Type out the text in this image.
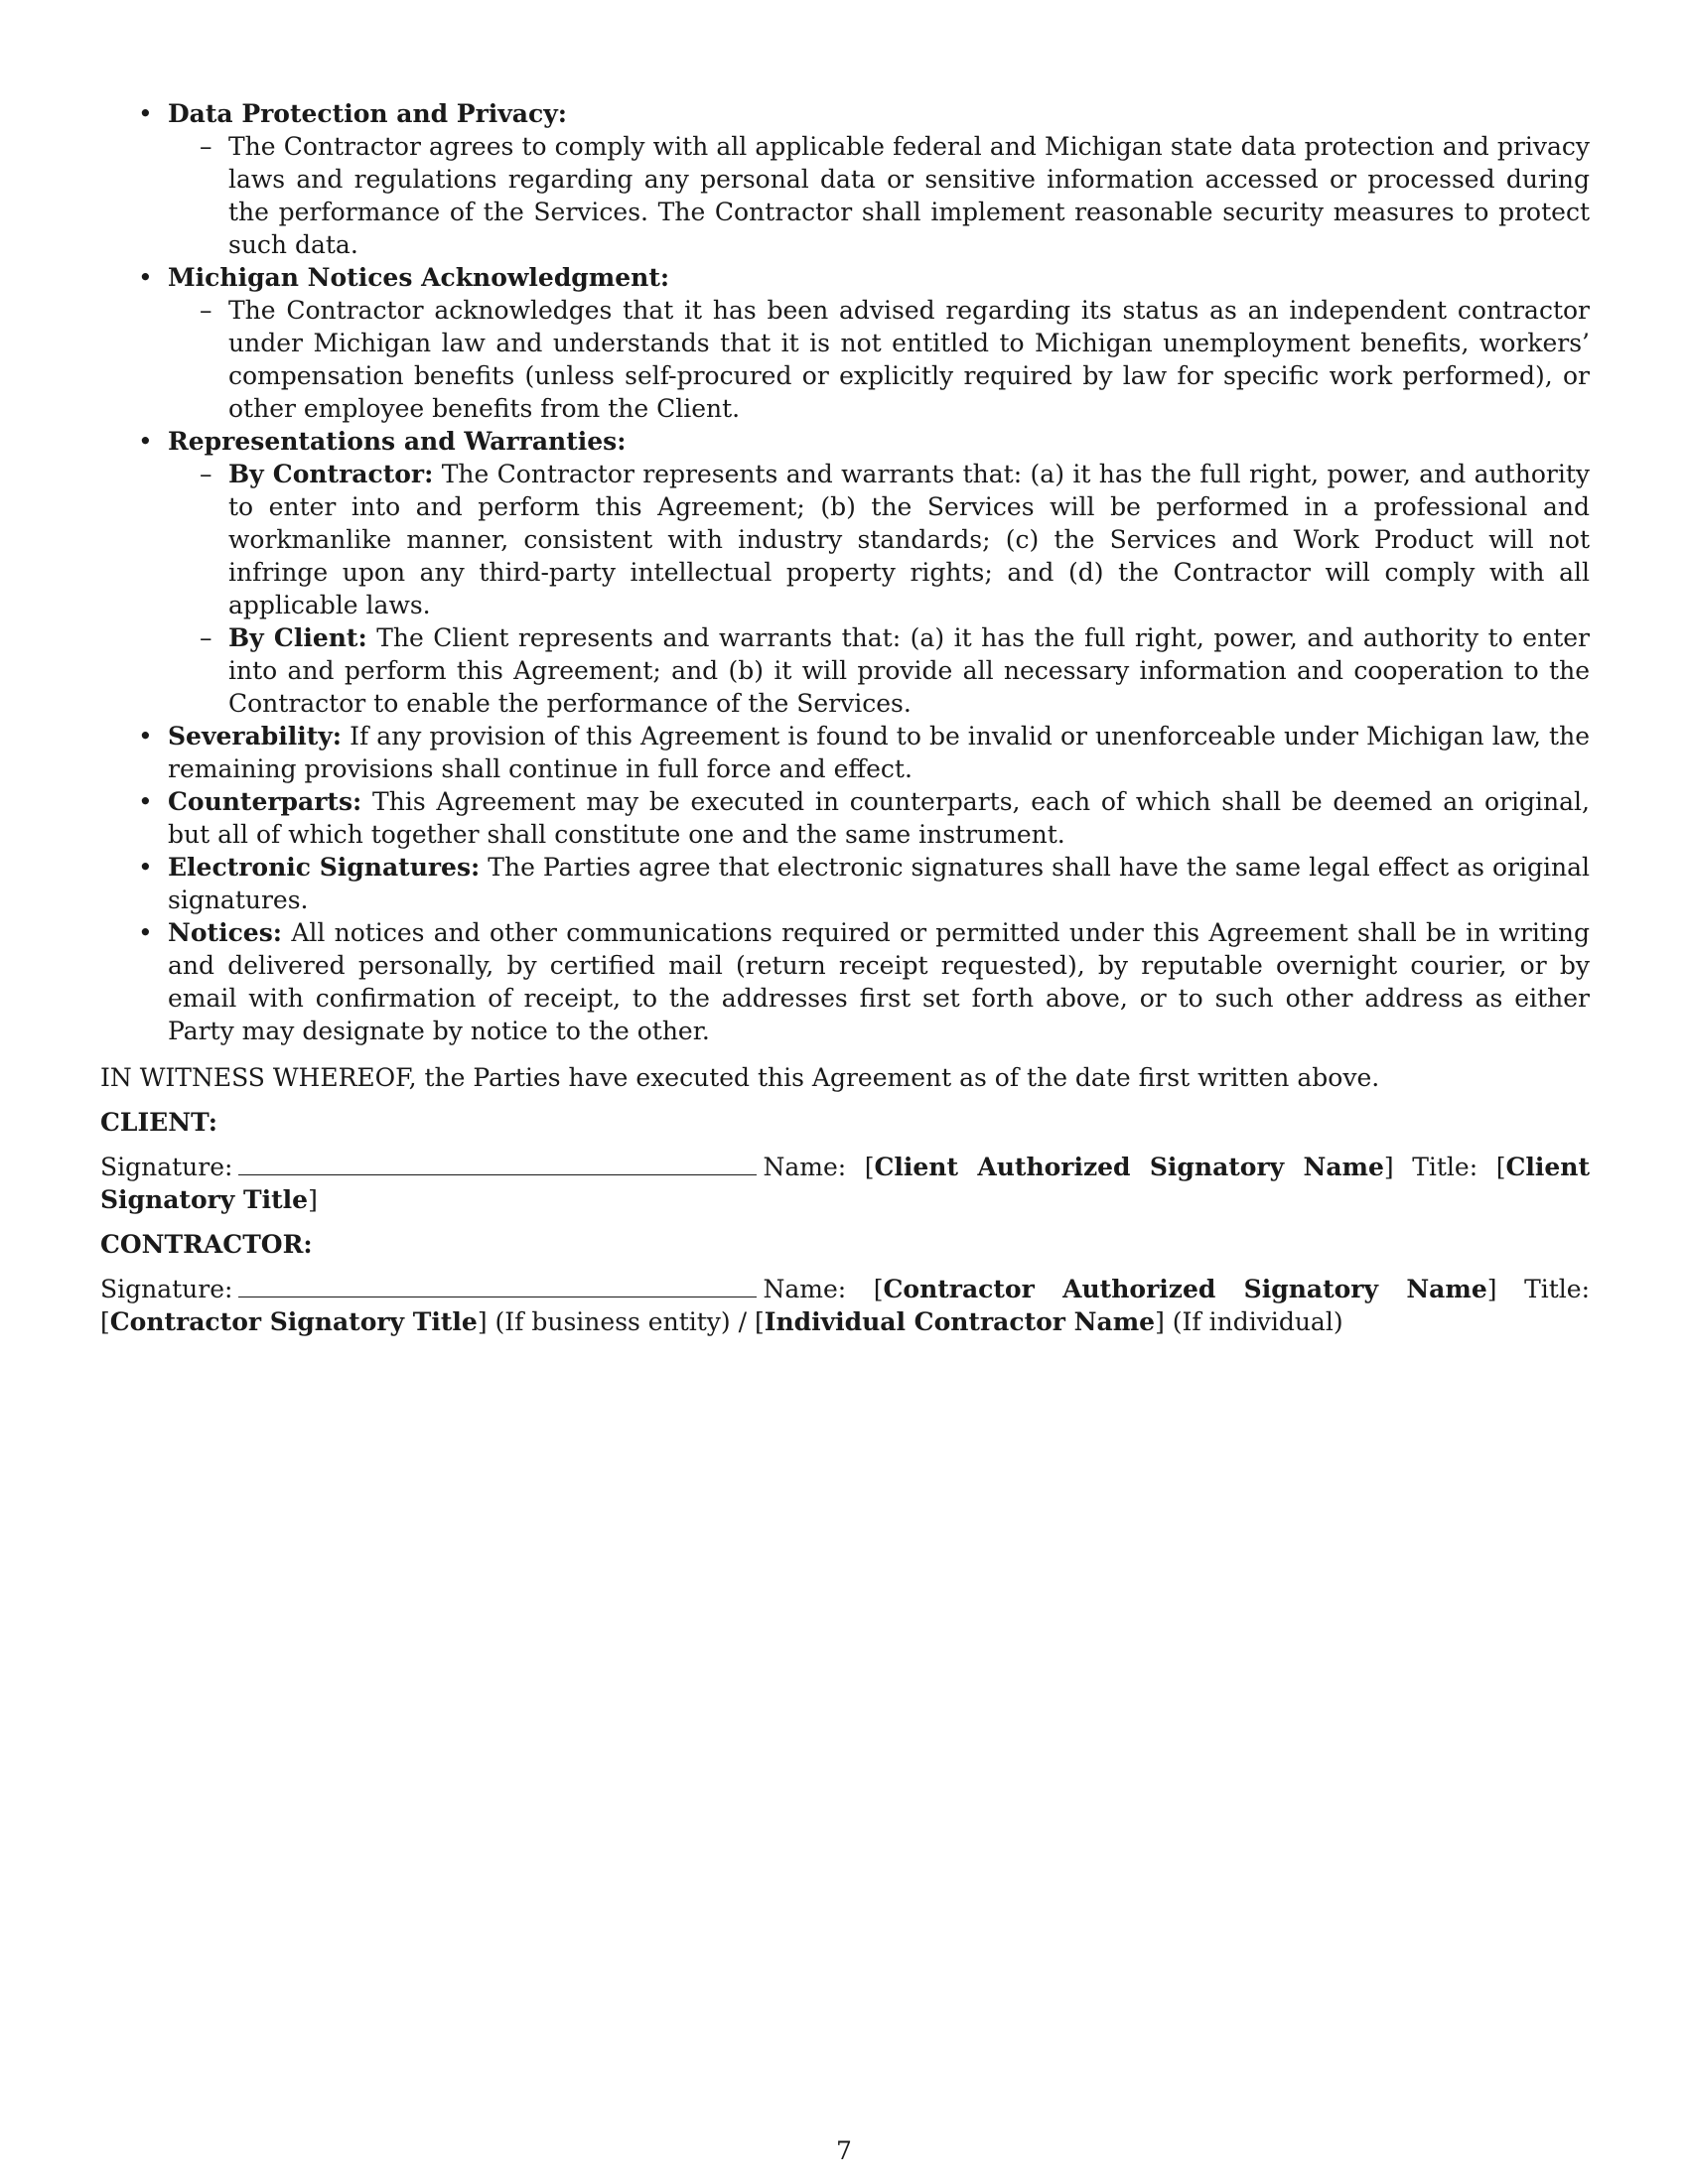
• Data Protection and Privacy:
– The Contractor agrees to comply with all applicable federal and Michigan state data protection and privacy laws and regulations regarding any personal data or sensitive information accessed or processed during the performance of the Services. The Contractor shall implement reasonable security measures to protect such data.
• Michigan Notices Acknowledgment:
– The Contractor acknowledges that it has been advised regarding its status as an independent contractor under Michigan law and understands that it is not entitled to Michigan unemployment benefits, workers’ compensation benefits (unless self-procured or explicitly required by law for specific work performed), or other employee benefits from the Client.
• Representations and Warranties:
– By Contractor: The Contractor represents and warrants that: (a) it has the full right, power, and authority to enter into and perform this Agreement; (b) the Services will be performed in a professional and workmanlike manner, consistent with industry standards; (c) the Services and Work Product will not infringe upon any third-party intellectual property rights; and (d) the Contractor will comply with all applicable laws.
– By Client: The Client represents and warrants that: (a) it has the full right, power, and authority to enter into and perform this Agreement; and (b) it will provide all necessary information and cooperation to the Contractor to enable the performance of the Services.
• Severability: If any provision of this Agreement is found to be invalid or unenforceable under Michigan law, the remaining provisions shall continue in full force and effect.
• Counterparts: This Agreement may be executed in counterparts, each of which shall be deemed an original, but all of which together shall constitute one and the same instrument.
• Electronic Signatures: The Parties agree that electronic signatures shall have the same legal effect as original signatures.
• Notices: All notices and other communications required or permitted under this Agreement shall be in writing and delivered personally, by certified mail (return receipt requested), by reputable overnight courier, or by email with confirmation of receipt, to the addresses first set forth above, or to such other address as either Party may designate by notice to the other.
IN WITNESS WHEREOF, the Parties have executed this Agreement as of the date first written above.
CLIENT:
Signature:	Name: [Client Authorized Signatory Name] Title: [Client Signatory Title]
CONTRACTOR:
Signature:	Name: [Contractor Authorized Signatory Name] Title: [Contractor Signatory Title] (If business entity) / [Individual Contractor Name] (If individual)
7
